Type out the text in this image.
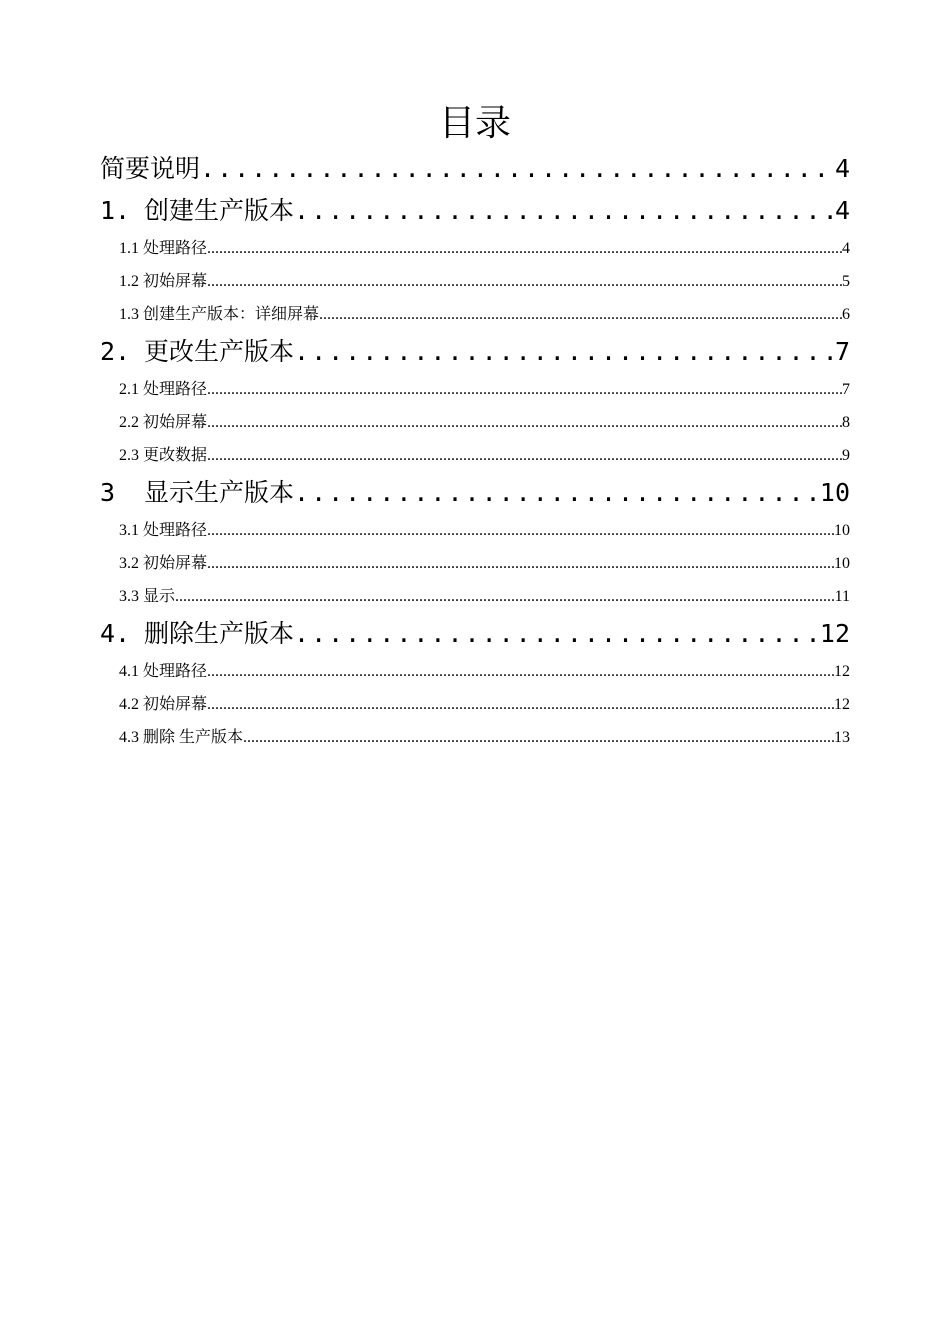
目录
简要说明 .....	4
1. 创建生产版本 .....	4
1.1 处理路径 .....	4
1.2 初始屏幕 .....	5
1.3 创建生产版本：详细屏幕 .....	6
2. 更改生产版本 .....	7
2.1 处理路径 .....	7
2.2 初始屏幕 .....	8
2.3 更改数据 .....	9
3 显示生产版本 .....	10
3.1 处理路径 .....	10
3.2 初始屏幕 .....	10
3.3 显示 .....	11
4. 删除生产版本 .....	12
4.1 处理路径 .....	12
4.2 初始屏幕 .....	12
4.3 删除 生产版本 .....	13
